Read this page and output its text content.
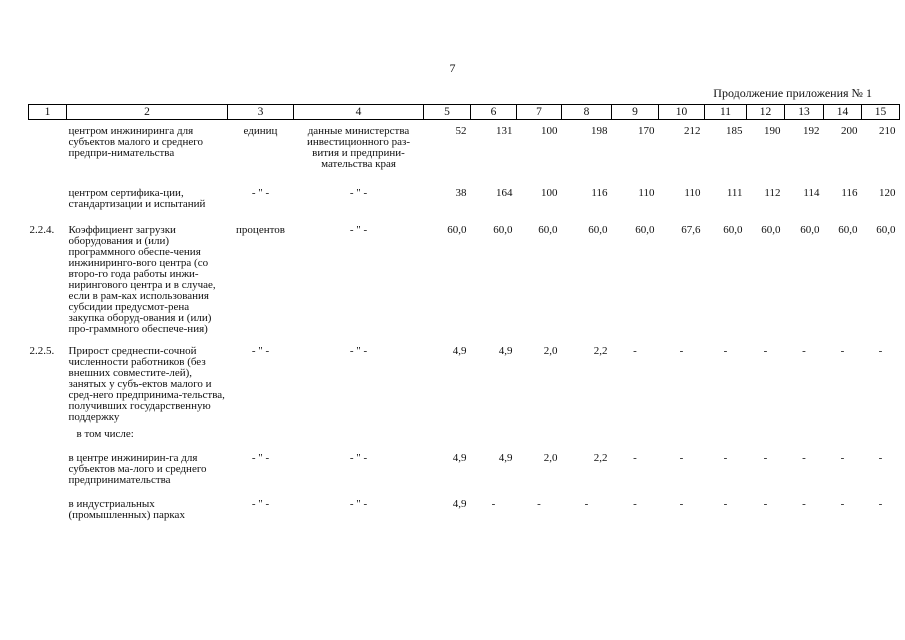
7
Продолжение приложения № 1
1	2	3	4	5	6	7	8	9	10	11	12	13	14	15
	центром инжиниринга для субъектов малого и среднего предпри-нимательства	единиц	данные министерства инвестиционного раз-вития и предприни-мательства края	52	131	100	198	170	212	185	190	192	200	210
	центром сертифика-ции, стандартизации и испытаний	- " -	- " -	38	164	100	116	110	110	111	112	114	116	120
2.2.4.	Коэффициент загрузки оборудования и (или) программного обеспе-чения инжиниринго-вого центра (со второ-го года работы инжи-нирингового центра и в случае, если в рам-ках использования субсидии предусмот-рена закупка оборуд-ования и (или) про-граммного обеспече-ния)	процентов	- " -	60,0	60,0	60,0	60,0	60,0	67,6	60,0	60,0	60,0	60,0	60,0
2.2.5.	Прирост среднеспи-сочной численности работников (без внешних совместите-лей), занятых у субъ-ектов малого и сред-него предпринима-тельства, получивших государственную поддержку	- " -	- " -	4,9	4,9	2,0	2,2	-	-	-	-	-	-	-
	в том числе:													
	в центре инжинирин-га для субъектов ма-лого и среднего предпринимательства	- " -	- " -	4,9	4,9	2,0	2,2	-	-	-	-	-	-	-
	в индустриальных (промышленных) парках	- " -	- " -	4,9	-	-	-	-	-	-	-	-	-	-
